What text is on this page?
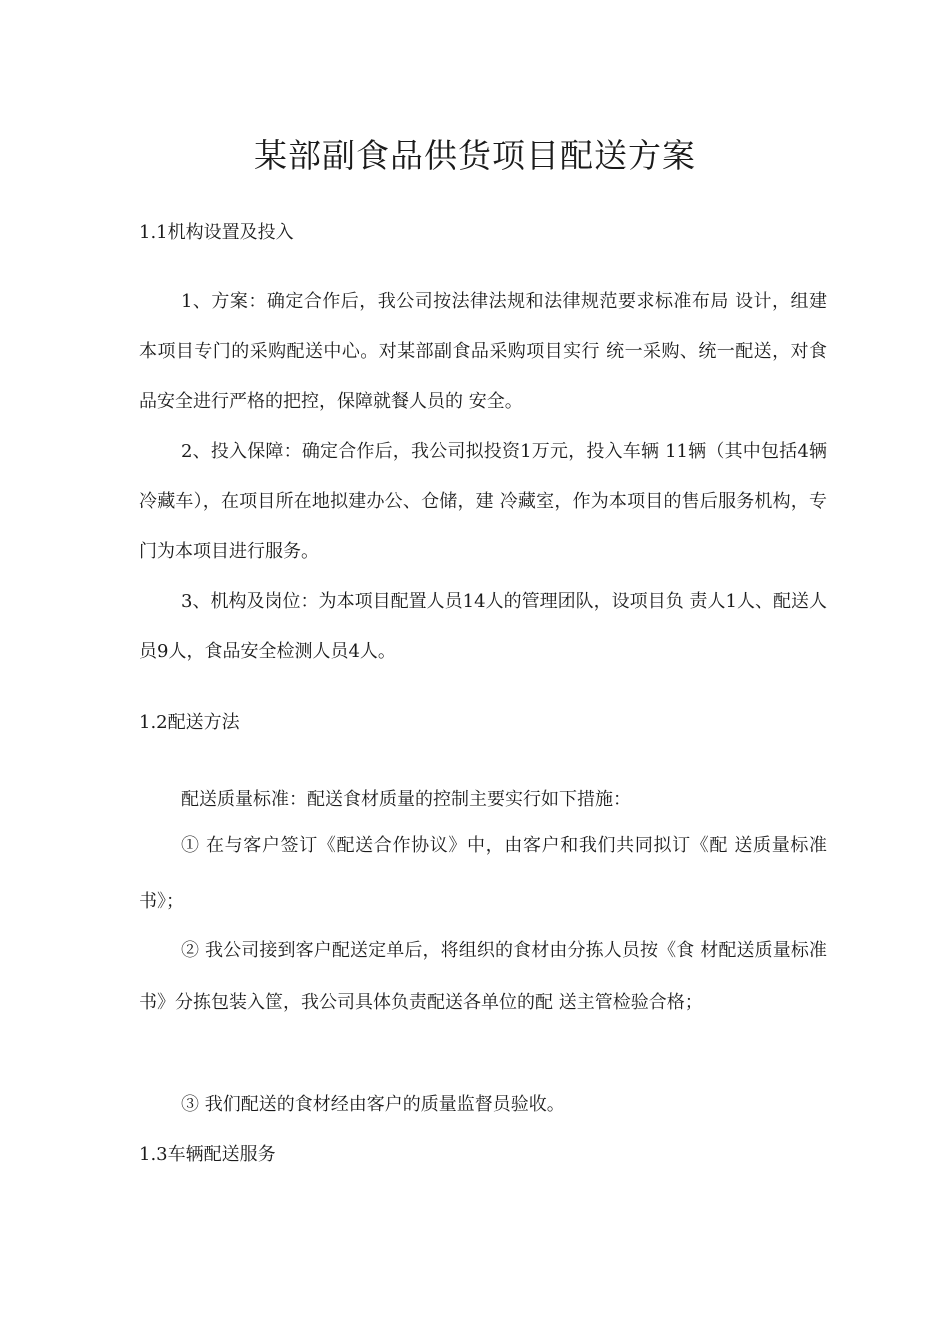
某部副食品供货项目配送方案
1.1机构设置及投入

1、方案：确定合作后，我公司按法律法规和法律规范要求标准布局 设计，组建本项目专门的采购配送中心。对某部副食品采购项目实行 统一采购、统一配送，对食品安全进行严格的把控，保障就餐人员的 安全。

2、投入保障：确定合作后，我公司拟投资1万元，投入车辆 11辆（其中包括4辆冷藏车），在项目所在地拟建办公、仓储，建 冷藏室，作为本项目的售后服务机构，专门为本项目进行服务。

3、机构及岗位：为本项目配置人员14人的管理团队，设项目负 责人1人、配送人员9人，食品安全检测人员4人。

1.2配送方法

配送质量标准：配送食材质量的控制主要实行如下措施：

① 在与客户签订《配送合作协议》中，由客户和我们共同拟订《配 送质量标准书》；

② 我公司接到客户配送定单后，将组织的食材由分拣人员按《食 材配送质量标准书》分拣包装入筐，我公司具体负责配送各单位的配 送主管检验合格；

③ 我们配送的食材经由客户的质量监督员验收。

1.3车辆配送服务
